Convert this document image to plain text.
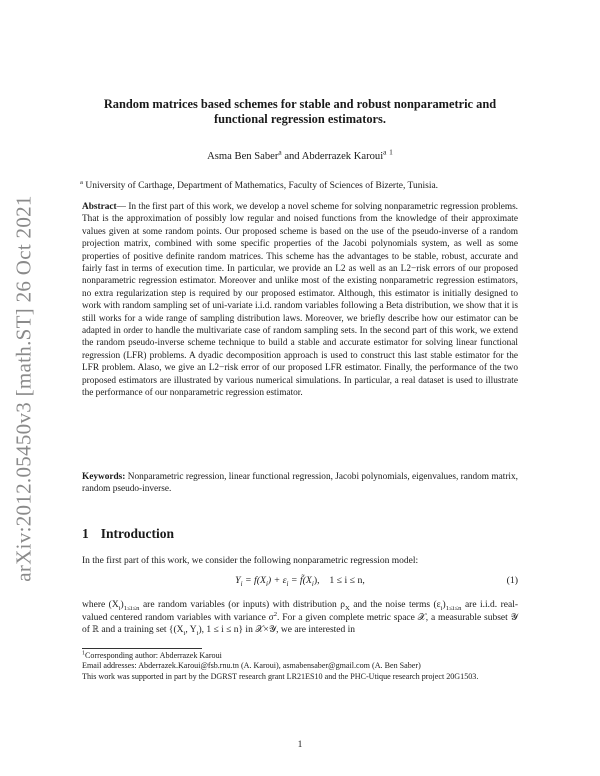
arXiv:2012.05450v3 [math.ST] 26 Oct 2021
Random matrices based schemes for stable and robust nonparametric and
functional regression estimators.
Asma Ben Saber$^a$ and Abderrazek Karoui$^a$ $^1$
$^a$ University of Carthage, Department of Mathematics, Faculty of Sciences of Bizerte, Tunisia.
Abstract— In the first part of this work, we develop a novel scheme for solving nonparametric regression problems. That is the approximation of possibly low regular and noised functions from the knowledge of their approximate values given at some random points. Our proposed scheme is based on the use of the pseudo-inverse of a random projection matrix, combined with some specific properties of the Jacobi polynomials system, as well as some properties of positive definite random matrices. This scheme has the advantages to be stable, robust, accurate and fairly fast in terms of execution time. In particular, we provide an L2 as well as an L2−risk errors of our proposed nonparametric regression estimator. Moreover and unlike most of the existing nonparametric regression estimators, no extra regularization step is required by our proposed estimator. Although, this estimator is initially designed to work with random sampling set of uni-variate i.i.d. random variables following a Beta distribution, we show that it is still works for a wide range of sampling distribution laws. Moreover, we briefly describe how our estimator can be adapted in order to handle the multivariate case of random sampling sets. In the second part of this work, we extend the random pseudo-inverse scheme technique to build a stable and accurate estimator for solving linear functional regression (LFR) problems. A dyadic decomposition approach is used to construct this last stable estimator for the LFR problem. Alaso, we give an L2−risk error of our proposed LFR estimator. Finally, the performance of the two proposed estimators are illustrated by various numerical simulations. In particular, a real dataset is used to illustrate the performance of our nonparametric regression estimator.
Keywords: Nonparametric regression, linear functional regression, Jacobi polynomials, eigenvalues, random matrix, random pseudo-inverse.
1 Introduction
In the first part of this work, we consider the following nonparametric regression model:
$Y_i = f(X_i) + \varepsilon_i$ = $f̃(X_i)$, 1 ≤ i ≤ n,	(1)
where $(X_i)_{1\le i\le n}$ are random variables (or inputs) with distribution $\rho_X$ and the noise terms $(\varepsilon_i)_{1\le i\le n}$ are i.i.d. real-valued centered random variables with variance $\sigma^2$. For a given complete metric space 𝒳, a measurable subset 𝒴 of ℝ and a training set {($X_i$, $Y_i$), 1 ≤ i ≤ n} in 𝒳×𝒴, we are interested in
$^1$Corresponding author: Abderrazek Karoui
Email addresses: Abderrazek.Karoui@fsb.rnu.tn (A. Karoui), asmabensaber@gmail.com (A. Ben Saber)
This work was supported in part by the DGRST research grant LR21ES10 and the PHC-Utique research project 20G1503.
1
